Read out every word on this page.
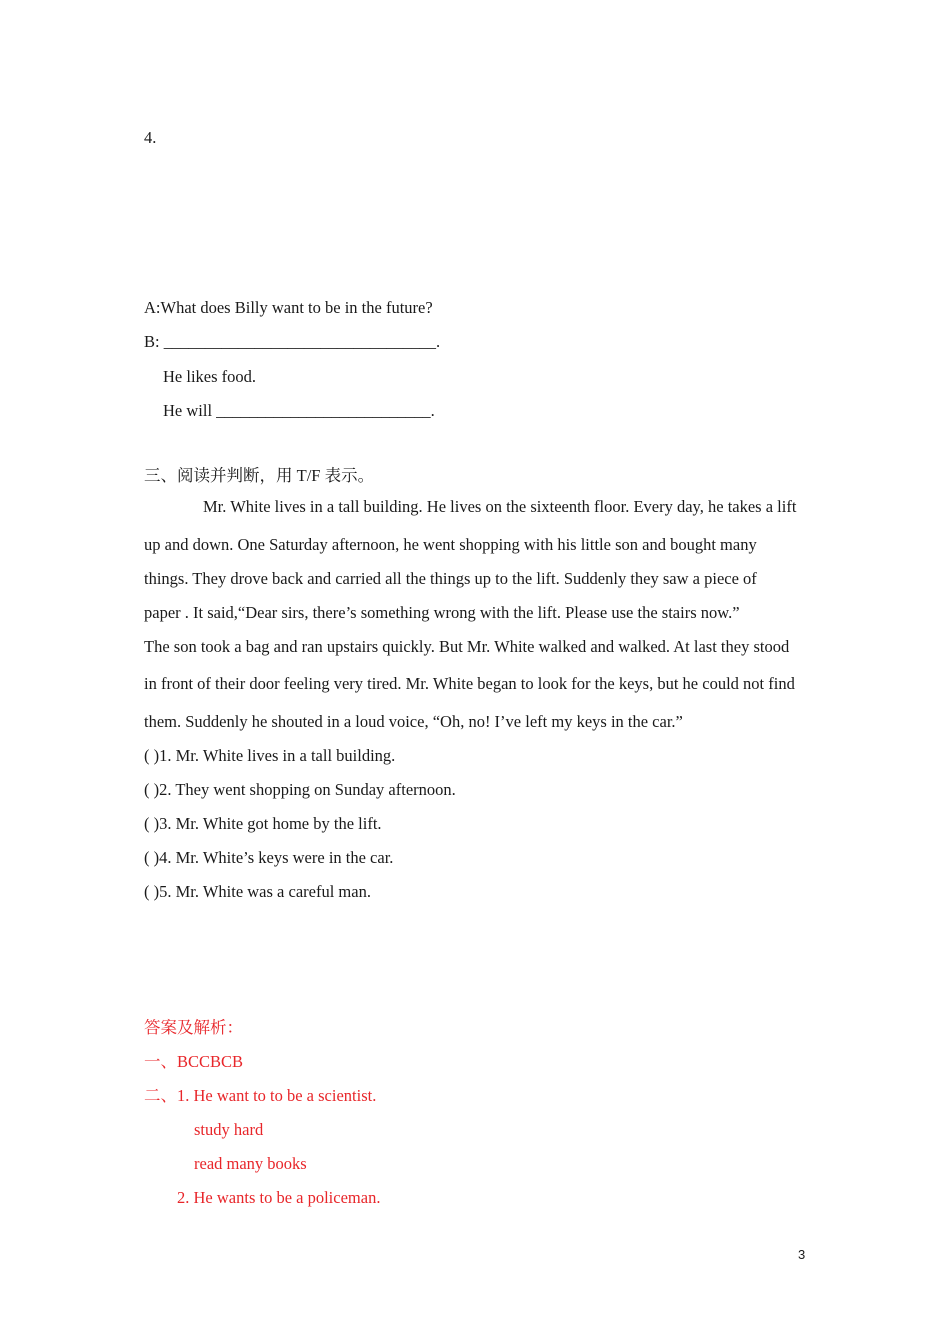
4.
A:What does Billy want to be in the future?
B: _________________________________.
He likes food.
He will __________________________.
三、阅读并判断，用 T/F 表示。
Mr. White lives in a tall building. He lives on the sixteenth floor. Every day, he takes a lift
up and down. One Saturday afternoon, he went shopping with his little son and bought many
things. They drove back and carried all the things up to the lift. Suddenly they saw a piece of
paper . It said,“Dear sirs, there’s something wrong with the lift. Please use the stairs now.”
The son took a bag and ran upstairs quickly. But Mr. White walked and walked. At last they stood
in front of their door feeling very tired. Mr. White began to look for the keys, but he could not find
them. Suddenly he shouted in a loud voice, “Oh, no! I’ve left my keys in the car.”
( )1. Mr. White lives in a tall building.
( )2. They went shopping on Sunday afternoon.
( )3. Mr. White got home by the lift.
( )4. Mr. White’s keys were in the car.
( )5. Mr. White was a careful man.
答案及解析：
一、BCCBCB
二、 1. He want to to be a scientist.
study hard
read many books
2. He wants to be a policeman.
3
